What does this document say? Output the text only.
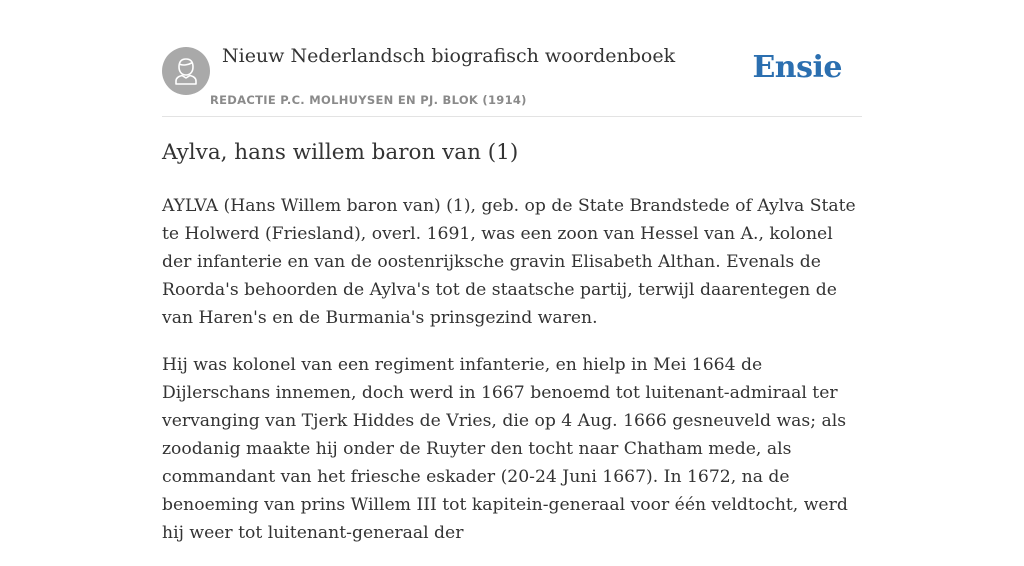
Nieuw Nederlandsch biografisch woordenboek
REDACTIE P.C. MOLHUYSEN EN PJ. BLOK (1914)
Ensie
Aylva, hans willem baron van (1)

AYLVA (Hans Willem baron van) (1), geb. op de State Brandstede of Aylva State te Holwerd (Friesland), overl. 1691, was een zoon van Hessel van A., kolonel der infanterie en van de oostenrijksche gravin Elisabeth Althan. Evenals de Roorda's behoorden de Aylva's tot de staatsche partij, terwijl daarentegen de van Haren's en de Burmania's prinsgezind waren.

Hij was kolonel van een regiment infanterie, en hielp in Mei 1664 de Dijlerschans innemen, doch werd in 1667 benoemd tot luitenant-admiraal ter vervanging van Tjerk Hiddes de Vries, die op 4 Aug. 1666 gesneuveld was; als zoodanig maakte hij onder de Ruyter den tocht naar Chatham mede, als commandant van het friesche eskader (20-24 Juni 1667). In 1672, na de benoeming van prins Willem III tot kapitein-generaal voor één veldtocht, werd hij weer tot luitenant-generaal der
